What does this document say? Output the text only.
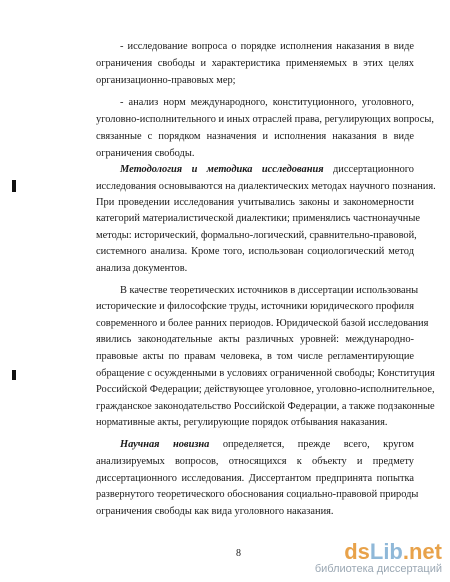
- исследование вопроса о порядке исполнения наказания в виде
ограничения свободы и характеристика применяемых в этих целях
организационно-правовых мер;
- анализ норм международного, конституционного, уголовного,
уголовно-исполнительного и иных отраслей права, регулирующих вопросы,
связанные с порядком назначения и исполнения наказания в виде
ограничения свободы.
Методология и методика исследования диссертационного
исследования основываются на диалектических методах научного познания.
При проведении исследования учитывались законы и закономерности
категорий материалистической диалектики; применялись частнонаучные
методы: исторический, формально-логический, сравнительно-правовой,
системного анализа. Кроме того, использован социологический метод
анализа документов.
В качестве теоретических источников в диссертации использованы
исторические и философские труды, источники юридического профиля
современного и более ранних периодов. Юридической базой исследования
явились законодательные акты различных уровней: международно-
правовые акты по правам человека, в том числе регламентирующие
обращение с осужденными в условиях ограниченной свободы; Конституция
Российской Федерации; действующее уголовное, уголовно-исполнительное,
гражданское законодательство Российской Федерации, а также подзаконные
нормативные акты, регулирующие порядок отбывания наказания.
Научная новизна определяется, прежде всего, кругом
анализируемых вопросов, относящихся к объекту и предмету
диссертационного исследования. Диссертантом предпринята попытка
развернутого теоретического обоснования социально-правовой природы
ограничения свободы как вида уголовного наказания.
8	dsLib.net
библиотека диссертаций
